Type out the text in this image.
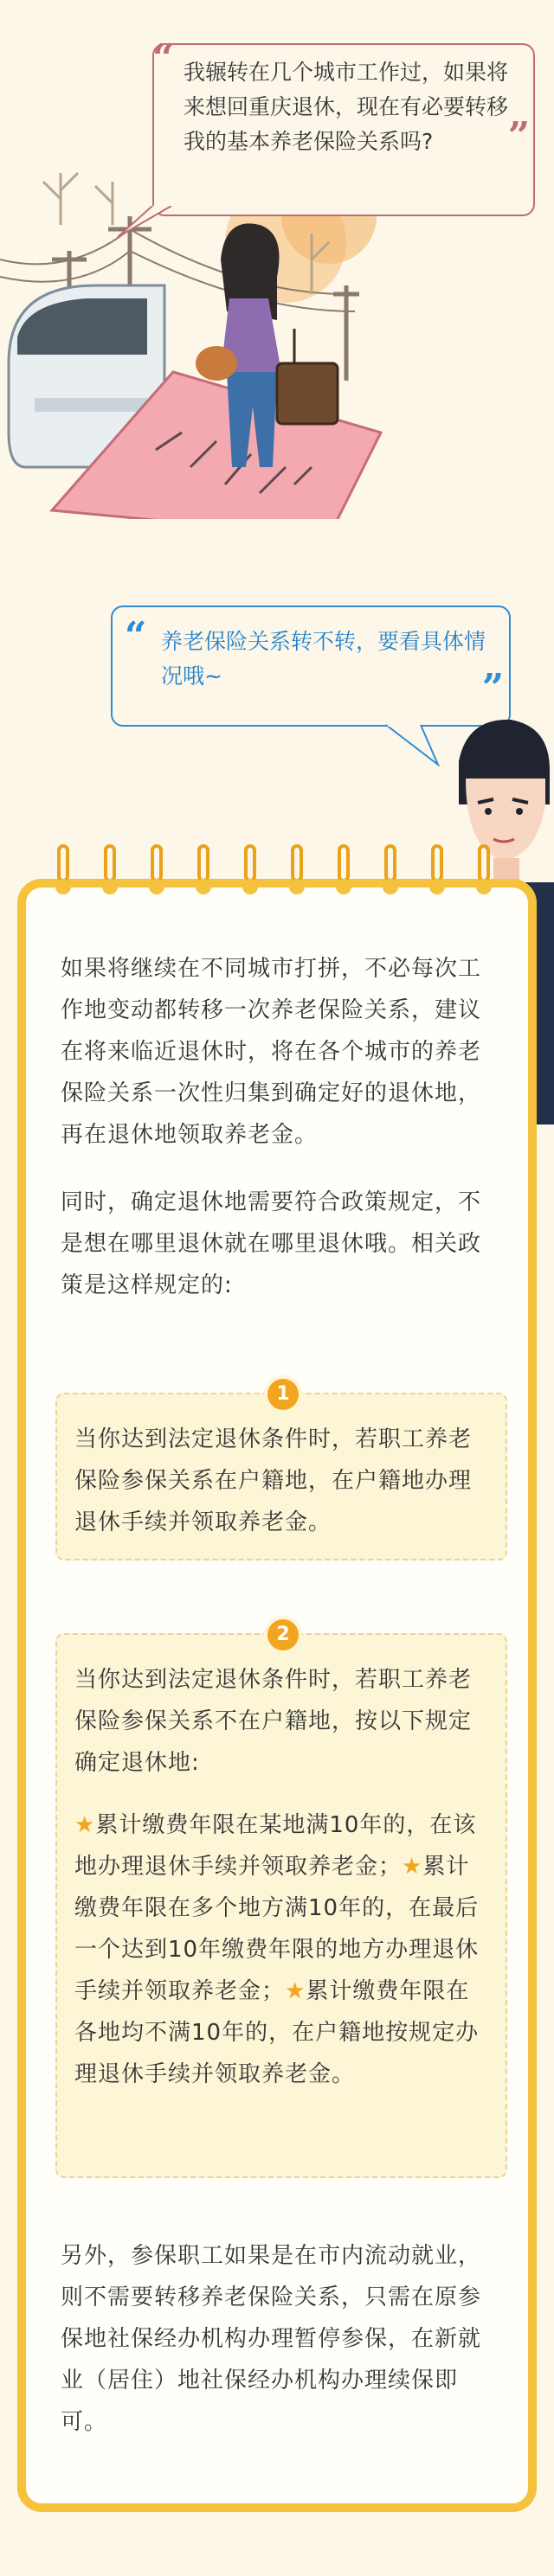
“ 我辗转在几个城市工作过，如果将来想回重庆退休，现在有必要转移我的基本养老保险关系吗?	”
“ 养老保险关系转不转，要看具体情况哦~	”
如果将继续在不同城市打拼，不必每次工作地变动都转移一次养老保险关系，建议在将来临近退休时，将在各个城市的养老保险关系一次性归集到确定好的退休地，再在退休地领取养老金。
同时，确定退休地需要符合政策规定，不是想在哪里退休就在哪里退休哦。相关政策是这样规定的:
1
当你达到法定退休条件时，若职工养老保险参保关系在户籍地，在户籍地办理退休手续并领取养老金。
2
当你达到法定退休条件时，若职工养老保险参保关系不在户籍地，按以下规定确定退休地:
★累计缴费年限在某地满10年的，在该地办理退休手续并领取养老金；★累计缴费年限在多个地方满10年的，在最后一个达到10年缴费年限的地方办理退休手续并领取养老金；★累计缴费年限在各地均不满10年的，在户籍地按规定办理退休手续并领取养老金。
另外，参保职工如果是在市内流动就业，则不需要转移养老保险关系，只需在原参保地社保经办机构办理暂停参保，在新就业（居住）地社保经办机构办理续保即可。
